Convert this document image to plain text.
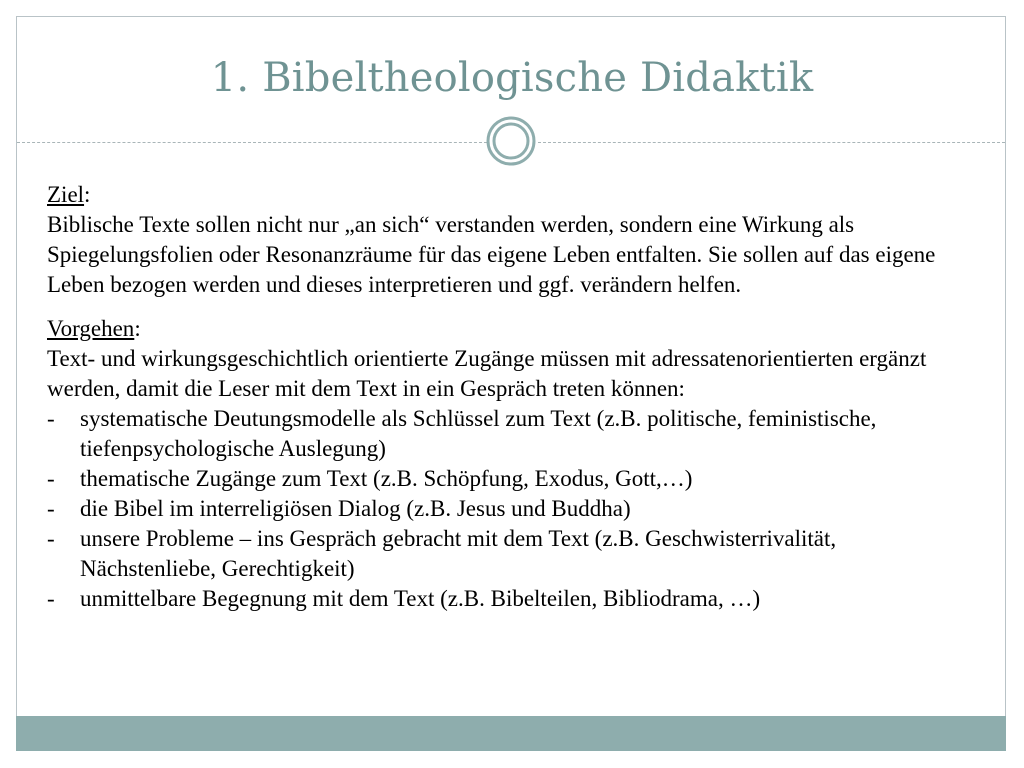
1. Bibeltheologische Didaktik

Ziel:

Biblische Texte sollen nicht nur „an sich“ verstanden werden, sondern eine Wirkung als Spiegelungsfolien oder Resonanzräume für das eigene Leben entfalten. Sie sollen auf das eigene Leben bezogen werden und dieses interpretieren und ggf. verändern helfen.

Vorgehen:

Text- und wirkungsgeschichtlich orientierte Zugänge müssen mit adressatenorientierten ergänzt werden, damit die Leser mit dem Text in ein Gespräch treten können:

- systematische Deutungsmodelle als Schlüssel zum Text (z.B. politische, feministische, tiefenpsychologische Auslegung)
- thematische Zugänge zum Text (z.B. Schöpfung, Exodus, Gott,…)
- die Bibel im interreligiösen Dialog (z.B. Jesus und Buddha)
- unsere Probleme – ins Gespräch gebracht mit dem Text (z.B. Geschwisterrivalität, Nächstenliebe, Gerechtigkeit)
- unmittelbare Begegnung mit dem Text (z.B. Bibelteilen, Bibliodrama, …)
